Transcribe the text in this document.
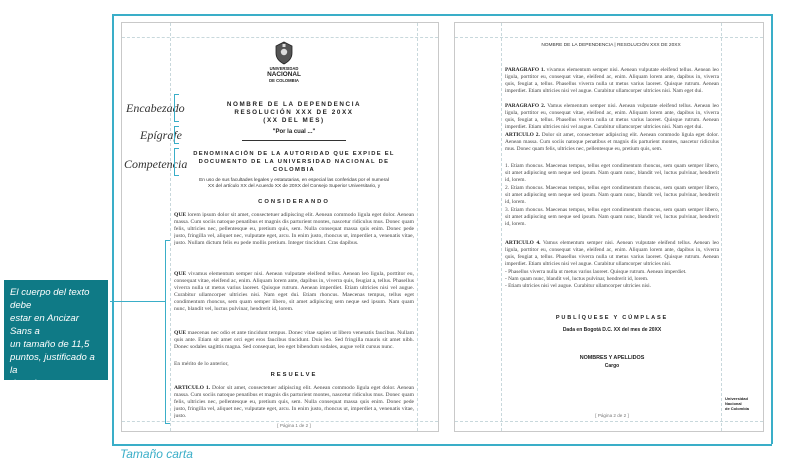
UNIVERSIDAD
NACIONAL
DE COLOMBIA
NOMBRE DE LA DEPENDENCIA
RESOLUCIÓN XXX DE 20XX
(XX DEL MES)
"Por la cual ..."
DENOMINACIÓN DE LA AUTORIDAD QUE EXPIDE EL
DOCUMENTO DE LA UNIVERSIDAD NACIONAL DE
COLOMBIA
En uso de sus facultades legales y estatutarias, en especial las conferidas por el numeral
XX del artículo XX del Acuerdo XX de 20XX del Consejo Superior Universitario, y
CONSIDERANDO
QUE lorem ipsum dolor sit amet, consectetuer adipiscing elit. Aenean commodo ligula eget dolor. Aenean massa. Cum sociis natoque penatibus et magnis dis parturient montes, nascetur ridiculus mus. Donec quam felis, ultricies nec, pellentesque eu, pretium quis, sem. Nulla consequat massa quis enim. Donec pede justo, fringilla vel, aliquet nec, vulputate eget, arcu. In enim justo, rhoncus ut, imperdiet a, venenatis vitae, justo. Nullam dictum felis eu pede mollis pretium. Integer tincidunt. Cras dapibus.
QUE vivamus elementum semper nisi. Aenean vulputate eleifend tellus. Aenean leo ligula, porttitor eu, consequat vitae, eleifend ac, enim. Aliquam lorem ante, dapibus in, viverra quis, feugiat a, tellus. Phasellus viverra nulla ut metus varius laoreet. Quisque rutrum. Aenean imperdiet. Etiam ultricies nisi vel augue. Curabitur ullamcorper ultricies nisi. Nam eget dui. Etiam rhoncus. Maecenas tempus, tellus eget condimentum rhoncus, sem quam semper libero, sit amet adipiscing sem neque sed ipsum. Nam quam nunc, blandit vel, luctus pulvinar, hendrerit id, lorem.
QUE maecenas nec odio et ante tincidunt tempus. Donec vitae sapien ut libero venenatis faucibus. Nullam quis ante. Etiam sit amet orci eget eros faucibus tincidunt. Duis leo. Sed fringilla mauris sit amet nibh. Donec sodales sagittis magna. Sed consequat, leo eget bibendum sodales, augue velit cursus nunc.
En mérito de lo anterior,
RESUELVE
ARTÍCULO 1. Dolor sit amet, consectetuer adipiscing elit. Aenean commodo ligula eget dolor. Aenean massa. Cum sociis natoque penatibus et magnis dis parturient montes, nascetur ridiculus mus. Donec quam felis, ultricies nec, pellentesque eu, pretium quis, sem. Nulla consequat massa quis enim. Donec pede justo, fringilla vel, aliquet nec, vulputate eget, arcu. In enim justo, rhoncus ut, imperdiet a, venenatis vitae, justo.
[ Página 1 de 2 ]
NOMBRE DE LA DEPENDENCIA | RESOLUCIÓN XXX DE 20XX
PARÁGRAFO 1. vivamus elementum semper nisi. Aenean vulputate eleifend tellus. Aenean leo ligula, porttitor eu, consequat vitae, eleifend ac, enim. Aliquam lorem ante, dapibus in, viverra quis, feugiat a, tellus. Phasellus viverra nulla ut metus varius laoreet. Quisque rutrum. Aenean imperdiet. Etiam ultricies nisi vel augue. Curabitur ullamcorper ultricies nisi. Nam eget dui.
PARÁGRAFO 2. Vamus elementum semper nisi. Aenean vulputate eleifend tellus. Aenean leo ligula, porttitor eu, consequat vitae, eleifend ac, enim. Aliquam lorem ante, dapibus in, viverra quis, feugiat a, tellus. Phasellus viverra nulla ut metus varius laoreet. Quisque rutrum. Aenean imperdiet. Etiam ultricies nisi vel augue. Curabitur ullamcorper ultricies nisi. Nam eget dui.
ARTÍCULO 2. Dolor sit amet, consectetuer adipiscing elit. Aenean commodo ligula eget dolor. Aenean massa. Cum sociis natoque penatibus et magnis dis parturient montes, nascetur ridiculus mus. Donec quam felis, ultricies nec, pellentesque eu, pretium quis, sem.
1. Etiam rhoncus. Maecenas tempus, tellus eget condimentum rhoncus, sem quam semper libero, sit amet adipiscing sem neque sed ipsum. Nam quam nunc, blandit vel, luctus pulvinar, hendrerit id, lorem.
2. Etiam rhoncus. Maecenas tempus, tellus eget condimentum rhoncus, sem quam semper libero, sit amet adipiscing sem neque sed ipsum. Nam quam nunc, blandit vel, luctus pulvinar, hendrerit id, lorem.
3. Etiam rhoncus. Maecenas tempus, tellus eget condimentum rhoncus, sem quam semper libero, sit amet adipiscing sem neque sed ipsum. Nam quam nunc, blandit vel, luctus pulvinar, hendrerit id, lorem.
ARTÍCULO 4. Vamus elementum semper nisi. Aenean vulputate eleifend tellus. Aenean leo ligula, porttitor eu, consequat vitae, eleifend ac, enim. Aliquam lorem ante, dapibus in, viverra quis, feugiat a, tellus. Phasellus viverra nulla ut metus varius laoreet. Quisque rutrum. Aenean imperdiet. Etiam ultricies nisi vel augue. Curabitur ullamcorper ultricies nisi.
- Phasellus viverra nulla ut metus varius laoreet. Quisque rutrum. Aenean imperdiet.
- Nam quam nunc, blandit vel, luctus pulvinar, hendrerit id, lorem.
- Etiam ultricies nisi vel augue. Curabitur ullamcorper ultricies nisi.
PUBLÍQUESE Y CÚMPLASE
Dada en Bogotá D.C. XX del mes de 20XX
NOMBRES Y APELLIDOS
Cargo
Universidad
Nacional
de Colombia
[ Página 2 de 2 ]
Encabezado
Epígrafe
Competencia
El cuerpo del texto debe
estar en Ancizar Sans a
un tamaño de 11,5
puntos, justificado a la
derecha con un interlinea-
do "Sencillo"
Tamaño carta
